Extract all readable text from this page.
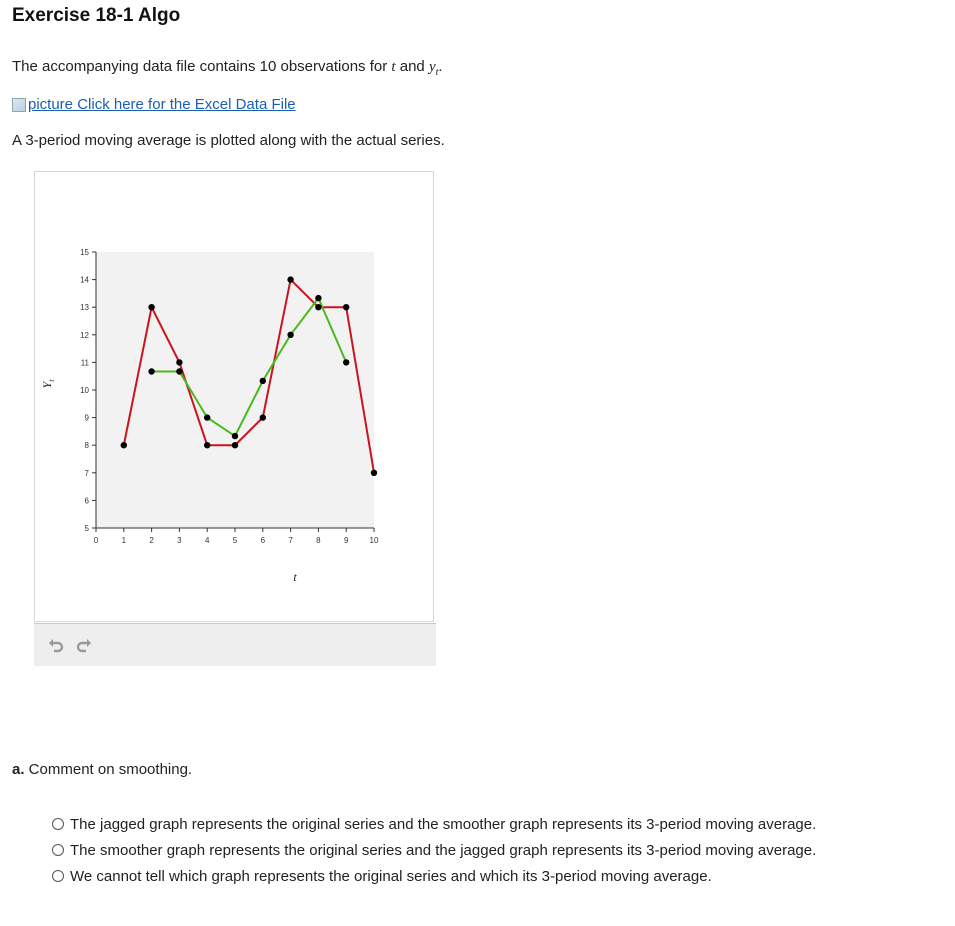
Exercise 18-1 Algo
The accompanying data file contains 10 observations for t and $y_t$.
picture
Click here for the Excel Data File
A 3-period moving average is plotted along with the actual series.
5
6
7
8
9
10
11
12
13
14
15
0	1	2	3	4	5	6	7	8	9	10
t
$Y_t$
a. Comment on smoothing.
The jagged graph represents the original series and the smoother graph represents its 3-period moving average.
The smoother graph represents the original series and the jagged graph represents its 3-period moving average.
We cannot tell which graph represents the original series and which its 3-period moving average.
